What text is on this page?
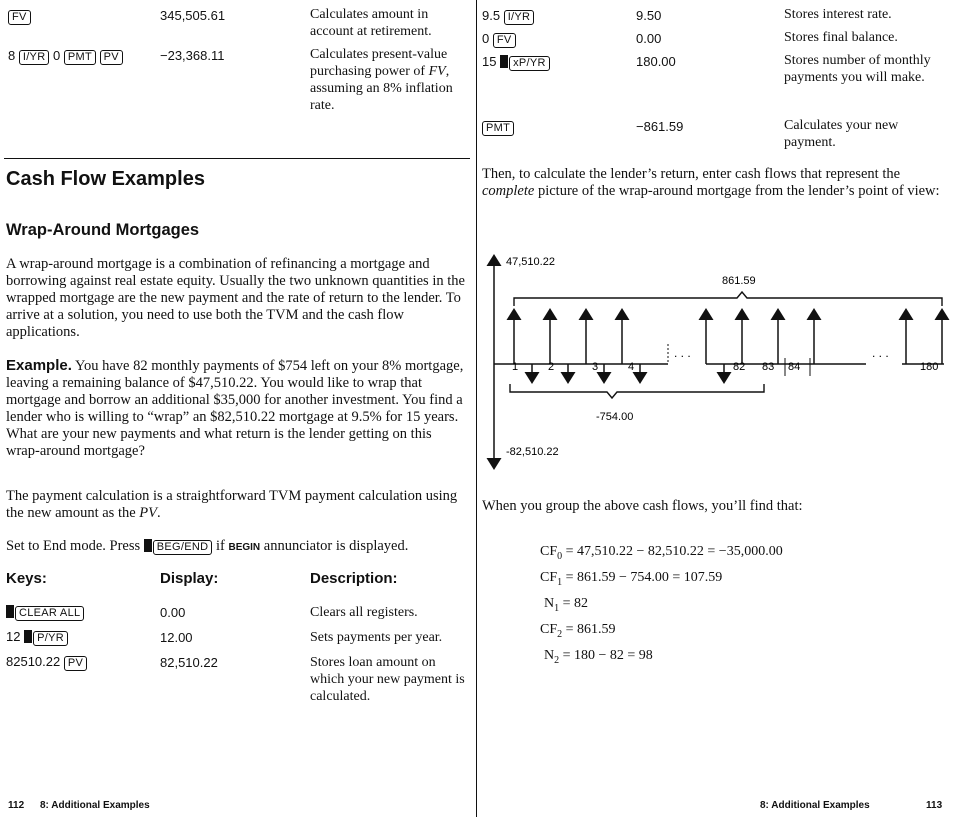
FV	345,505.61	Calculates amount in account at retirement.
8 I/YR 0 PMT PV	−23,368.11	Calculates present-value purchasing power of FV, assuming an 8% inflation rate.
Cash Flow Examples
Wrap-Around Mortgages
A wrap-around mortgage is a combination of refinancing a mortgage and borrowing against real estate equity. Usually the two unknown quantities in the wrapped mortgage are the new payment and the rate of return to the lender. To arrive at a solution, you need to use both the TVM and the cash flow applications.
Example. You have 82 monthly payments of $754 left on your 8% mortgage, leaving a remaining balance of $47,510.22. You would like to wrap that mortgage and borrow an additional $35,000 for another investment. You find a lender who is willing to “wrap” an $82,510.22 mortgage at 9.5% for 15 years. What are your new payments and what return is the lender getting on this wrap-around mortgage?
The payment calculation is a straightforward TVM payment calculation using the new amount as the PV.
Set to End mode. Press BEG/END if BEGIN annunciator is displayed.
Keys:	Display:	Description:
CLEAR ALL	0.00	Clears all registers.
12 P/YR	12.00	Sets payments per year.
82510.22 PV	82,510.22	Stores loan amount on which your new payment is calculated.
112 8: Additional Examples
9.5 I/YR	9.50	Stores interest rate.
0 FV	0.00	Stores final balance.
15 xP/YR	180.00	Stores number of monthly payments you will make.
PMT	−861.59	Calculates your new payment.
Then, to calculate the lender’s return, enter cash flows that represent the complete picture of the wrap-around mortgage from the lender’s point of view:
47,510.22
-82,510.22
861.59
-754.00
1	2	3	4	82 83 84	180
. . .	. . .
When you group the above cash flows, you’ll find that:
$CF_0 = 47,510.22 - 82,510.22 = -35,000.00$
$CF_1 = 861.59 - 754.00 = 107.59$
$N_1 = 82$
$CF_2 = 861.59$
$N_2 = 180 - 82 = 98$
8: Additional Examples	113
